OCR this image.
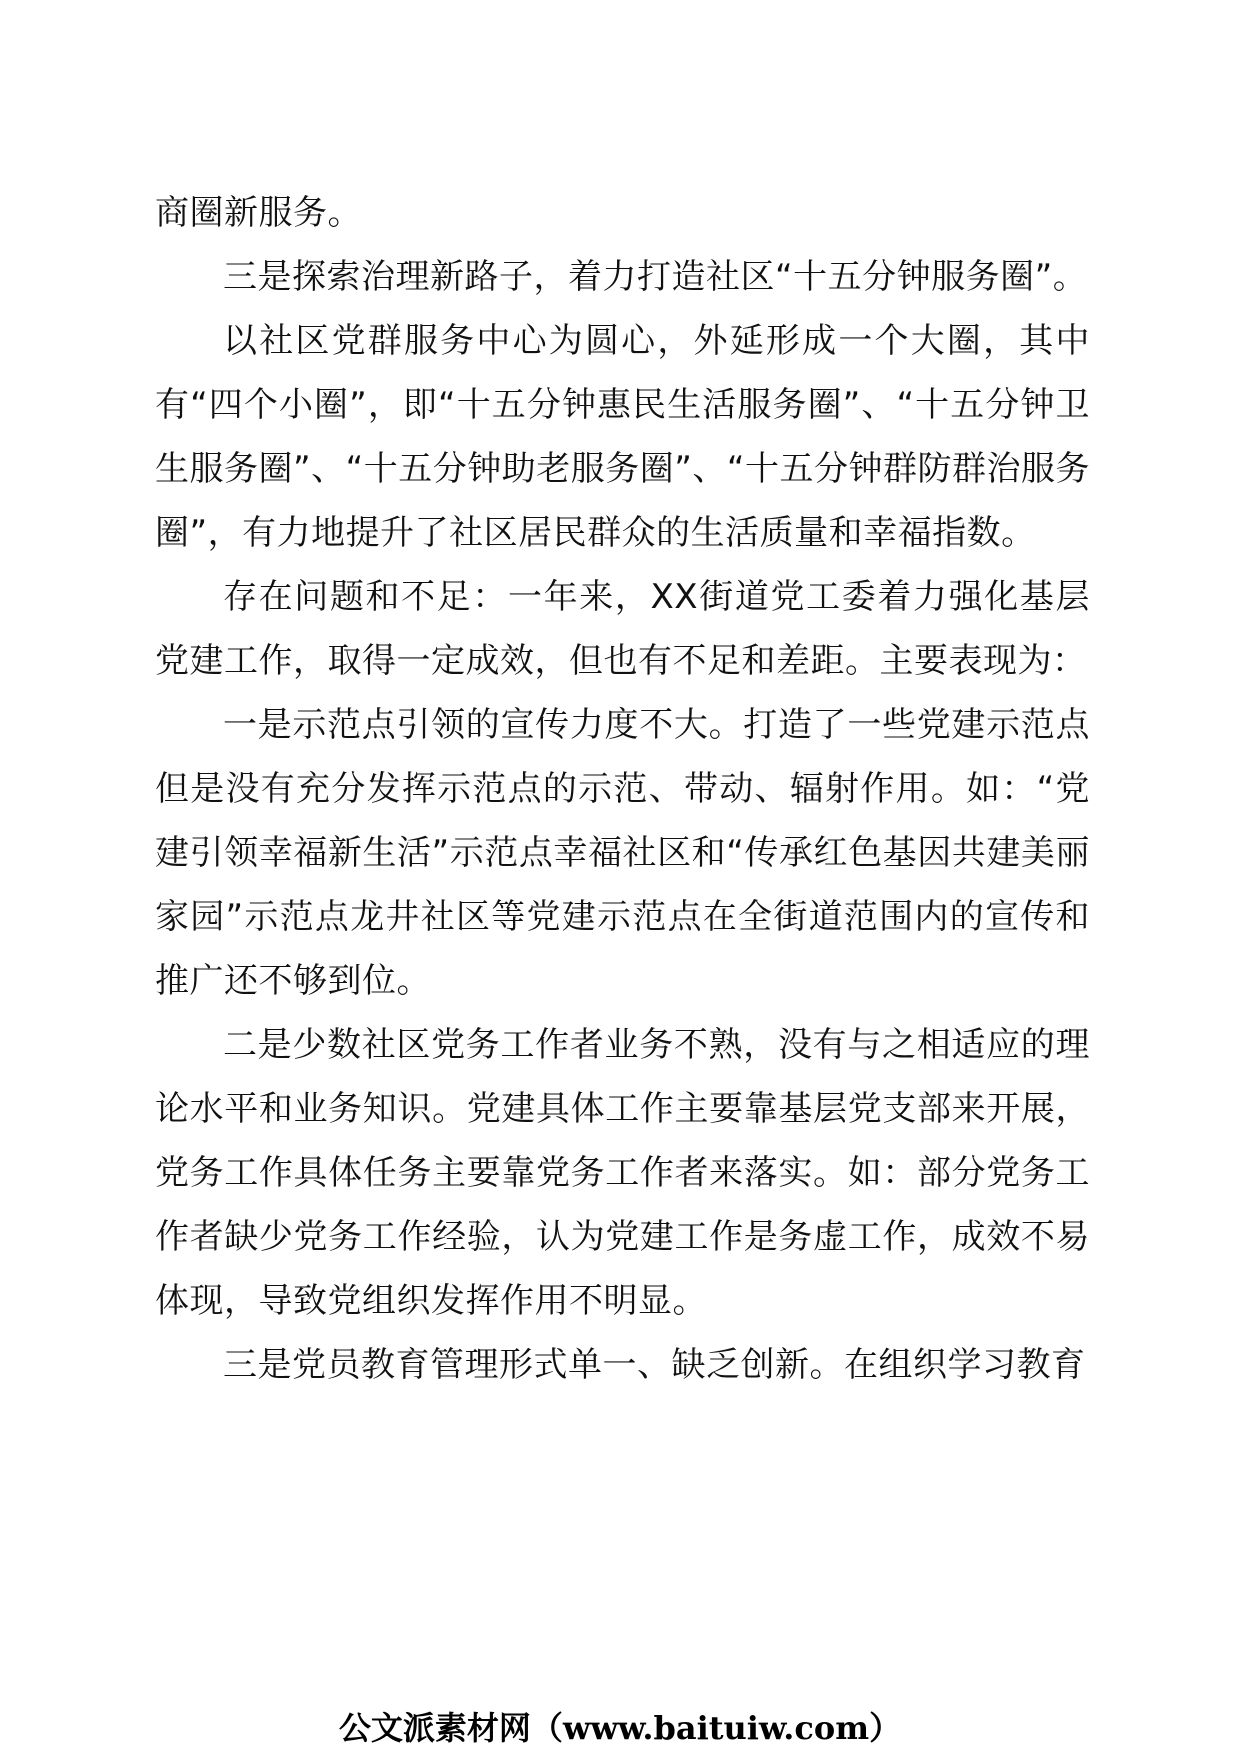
商圈新服务。

三是探索治理新路子，着力打造社区“十五分钟服务圈”。

以社区党群服务中心为圆心，外延形成一个大圈，其中有“四个小圈”，即“十五分钟惠民生活服务圈”、“十五分钟卫生服务圈”、“十五分钟助老服务圈”、“十五分钟群防群治服务圈”，有力地提升了社区居民群众的生活质量和幸福指数。

存在问题和不足：一年来，XX街道党工委着力强化基层党建工作，取得一定成效，但也有不足和差距。主要表现为：

一是示范点引领的宣传力度不大。打造了一些党建示范点但是没有充分发挥示范点的示范、带动、辐射作用。如：“党建引领幸福新生活”示范点幸福社区和“传承红色基因共建美丽家园”示范点龙井社区等党建示范点在全街道范围内的宣传和推广还不够到位。

二是少数社区党务工作者业务不熟，没有与之相适应的理论水平和业务知识。党建具体工作主要靠基层党支部来开展，党务工作具体任务主要靠党务工作者来落实。如：部分党务工作者缺少党务工作经验，认为党建工作是务虚工作，成效不易体现，导致党组织发挥作用不明显。

三是党员教育管理形式单一、缺乏创新。在组织学习教育

公文派素材网（www.baituiw.com）
